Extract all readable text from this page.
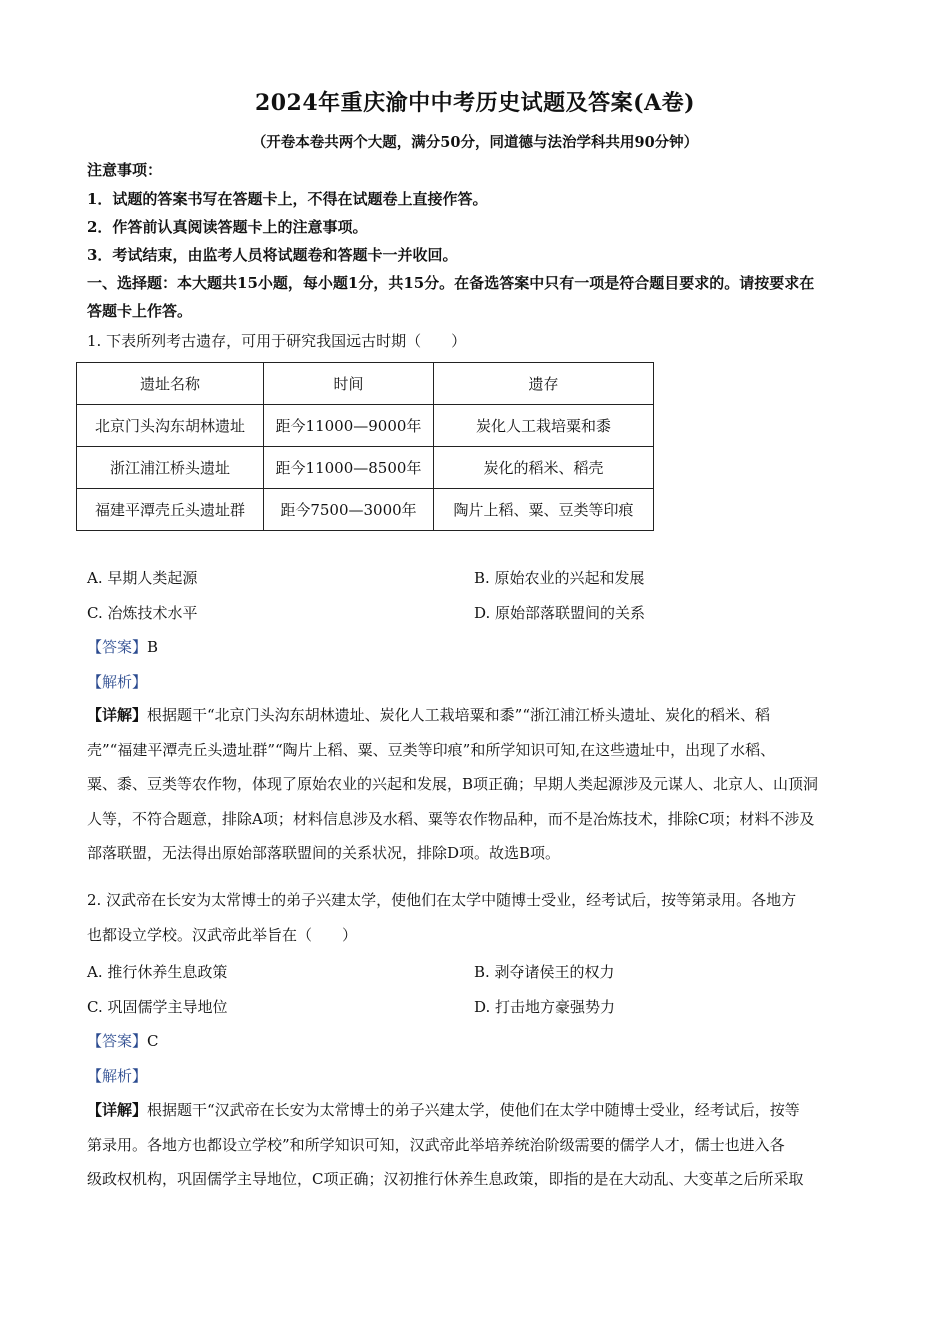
2024年重庆渝中中考历史试题及答案(A卷)
（开卷本卷共两个大题，满分50分，同道德与法治学科共用90分钟）
注意事项：
1．试题的答案书写在答题卡上，不得在试题卷上直接作答。
2．作答前认真阅读答题卡上的注意事项。
3．考试结束，由监考人员将试题卷和答题卡一并收回。
一、选择题：本大题共15小题，每小题1分，共15分。在备选答案中只有一项是符合题目要求的。请按要求在
答题卡上作答。
1. 下表所列考古遗存，可用于研究我国远古时期（　　）
遗址名称	时间	遗存
北京门头沟东胡林遗址	距今11000—9000年	炭化人工栽培粟和黍
浙江浦江桥头遗址	距今11000—8500年	炭化的稻米、稻壳
福建平潭壳丘头遗址群	距今7500—3000年	陶片上稻、粟、豆类等印痕
A. 早期人类起源	B. 原始农业的兴起和发展
C. 冶炼技术水平	D. 原始部落联盟间的关系
【答案】B
【解析】
【详解】根据题干“北京门头沟东胡林遗址、炭化人工栽培粟和黍”“浙江浦江桥头遗址、炭化的稻米、稻
壳”“福建平潭壳丘头遗址群”“陶片上稻、粟、豆类等印痕”和所学知识可知,在这些遗址中，出现了水稻、
粟、黍、豆类等农作物，体现了原始农业的兴起和发展，B项正确；早期人类起源涉及元谋人、北京人、山顶洞
人等，不符合题意，排除A项；材料信息涉及水稻、粟等农作物品种，而不是冶炼技术，排除C项；材料不涉及
部落联盟，无法得出原始部落联盟间的关系状况，排除D项。故选B项。
2. 汉武帝在长安为太常博士的弟子兴建太学，使他们在太学中随博士受业，经考试后，按等第录用。各地方
也都设立学校。汉武帝此举旨在（　　）
A. 推行休养生息政策	B. 剥夺诸侯王的权力
C. 巩固儒学主导地位	D. 打击地方豪强势力
【答案】C
【解析】
【详解】根据题干“汉武帝在长安为太常博士的弟子兴建太学，使他们在太学中随博士受业，经考试后，按等
第录用。各地方也都设立学校”和所学知识可知，汉武帝此举培养统治阶级需要的儒学人才，儒士也进入各
级政权机构，巩固儒学主导地位，C项正确；汉初推行休养生息政策，即指的是在大动乱、大变革之后所采取
